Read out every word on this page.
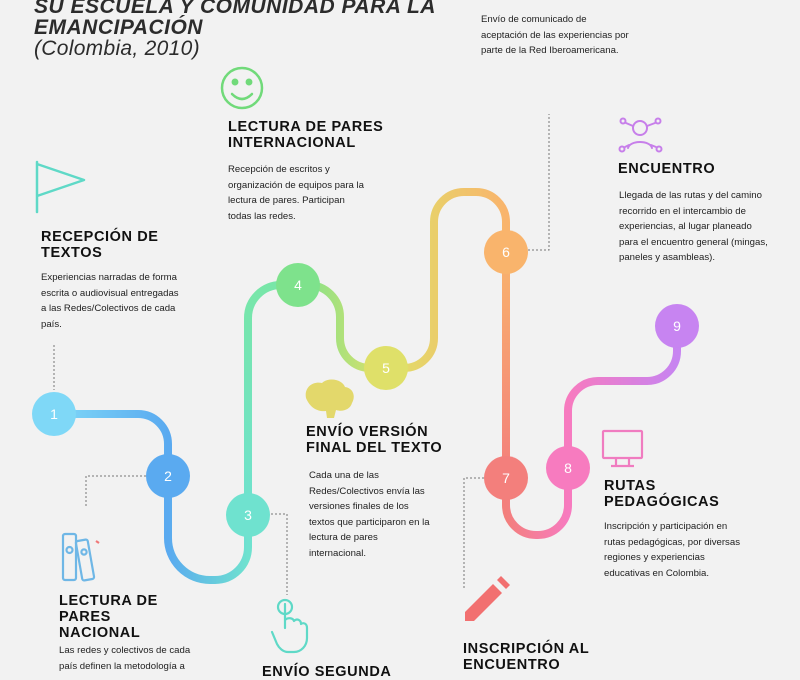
SU ESCUELA Y COMUNIDAD PARA LA
EMANCIPACIÓN
(Colombia, 2010)
1
2
3
4
5
6
7
8
9
RECEPCIÓN DE TEXTOS

Experiencias narradas de forma escrita o audiovisual entregadas a las Redes/Colectivos de cada país.

LECTURA DE PARES NACIONAL

Las redes y colectivos de cada país definen la metodología a	ENVÍO SEGUNDA
LECTURA DE PARES INTERNACIONAL

Recepción de escritos y organización de equipos para la lectura de pares. Participan todas las redes.

ENVÍO VERSIÓN FINAL DEL TEXTO

Cada una de las Redes/Colectivos envía las versiones finales de los textos que participaron en la lectura de pares internacional.

Envío de comunicado de aceptación de las experiencias por parte de la Red Iberoamericana.

INSCRIPCIÓN AL ENCUENTRO
RUTAS PEDAGÓGICAS

Inscripción y participación en rutas pedagógicas, por diversas regiones y experiencias educativas en Colombia.

ENCUENTRO

Llegada de las rutas y del camino recorrido en el intercambio de experiencias, al lugar planeado para el encuentro general (mingas, paneles y asambleas).
